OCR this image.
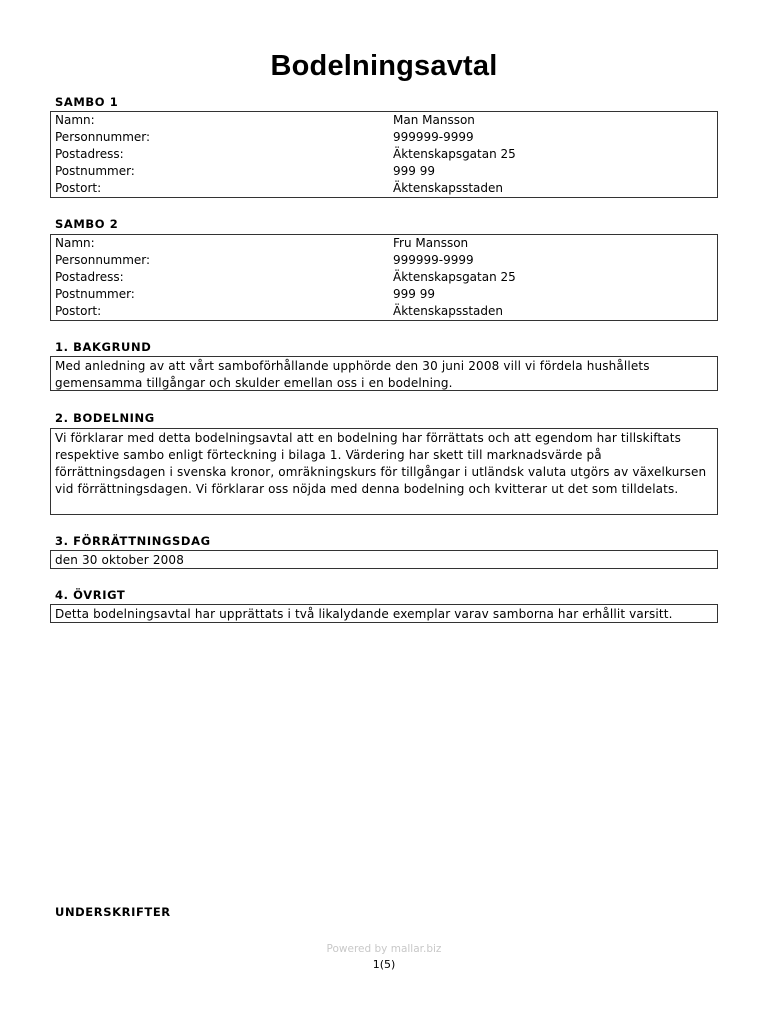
Bodelningsavtal
SAMBO 1
Namn:	Man Mansson
Personnummer:	999999-9999
Postadress:	Äktenskapsgatan 25
Postnummer:	999 99
Postort:	Äktenskapsstaden
SAMBO 2
Namn:	Fru Mansson
Personnummer:	999999-9999
Postadress:	Äktenskapsgatan 25
Postnummer:	999 99
Postort:	Äktenskapsstaden
1. BAKGRUND
Med anledning av att vårt samboförhållande upphörde den 30 juni 2008 vill vi fördela hushållets gemensamma tillgångar och skulder emellan oss i en bodelning.
2. BODELNING
Vi förklarar med detta bodelningsavtal att en bodelning har förrättats och att egendom har tillskiftats respektive sambo enligt förteckning i bilaga 1. Värdering har skett till marknadsvärde på förrättningsdagen i svenska kronor, omräkningskurs för tillgångar i utländsk valuta utgörs av växelkursen vid förrättningsdagen. Vi förklarar oss nöjda med denna bodelning och kvitterar ut det som tilldelats.
3. FÖRRÄTTNINGSDAG
den 30 oktober 2008
4. ÖVRIGT
Detta bodelningsavtal har upprättats i två likalydande exemplar varav samborna har erhållit varsitt.
UNDERSKRIFTER
Powered by mallar.biz
1(5)
